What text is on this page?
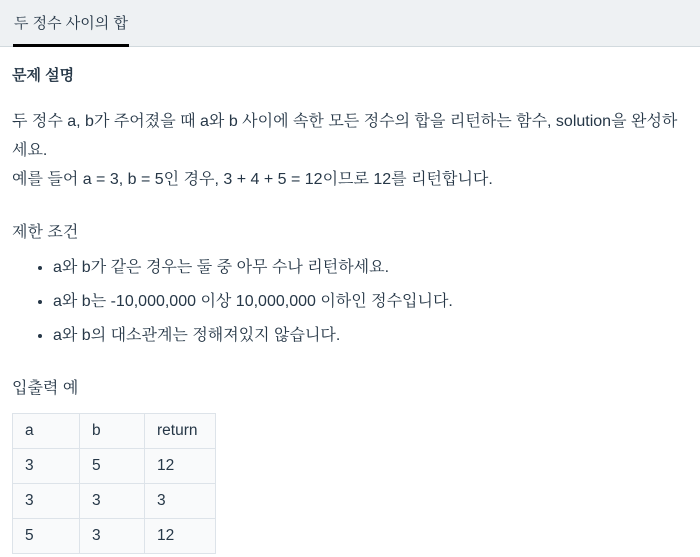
두 정수 사이의 합
문제 설명

두 정수 a, b가 주어졌을 때 a와 b 사이에 속한 모든 정수의 합을 리턴하는 함수, solution을 완성하세요.

예를 들어 a = 3, b = 5인 경우, 3 + 4 + 5 = 12이므로 12를 리턴합니다.

제한 조건
• a와 b가 같은 경우는 둘 중 아무 수나 리턴하세요.
• a와 b는 -10,000,000 이상 10,000,000 이하인 정수입니다.
• a와 b의 대소관계는 정해져있지 않습니다.
입출력 예
a	b	return
3	5	12
3	3	3
5	3	12
